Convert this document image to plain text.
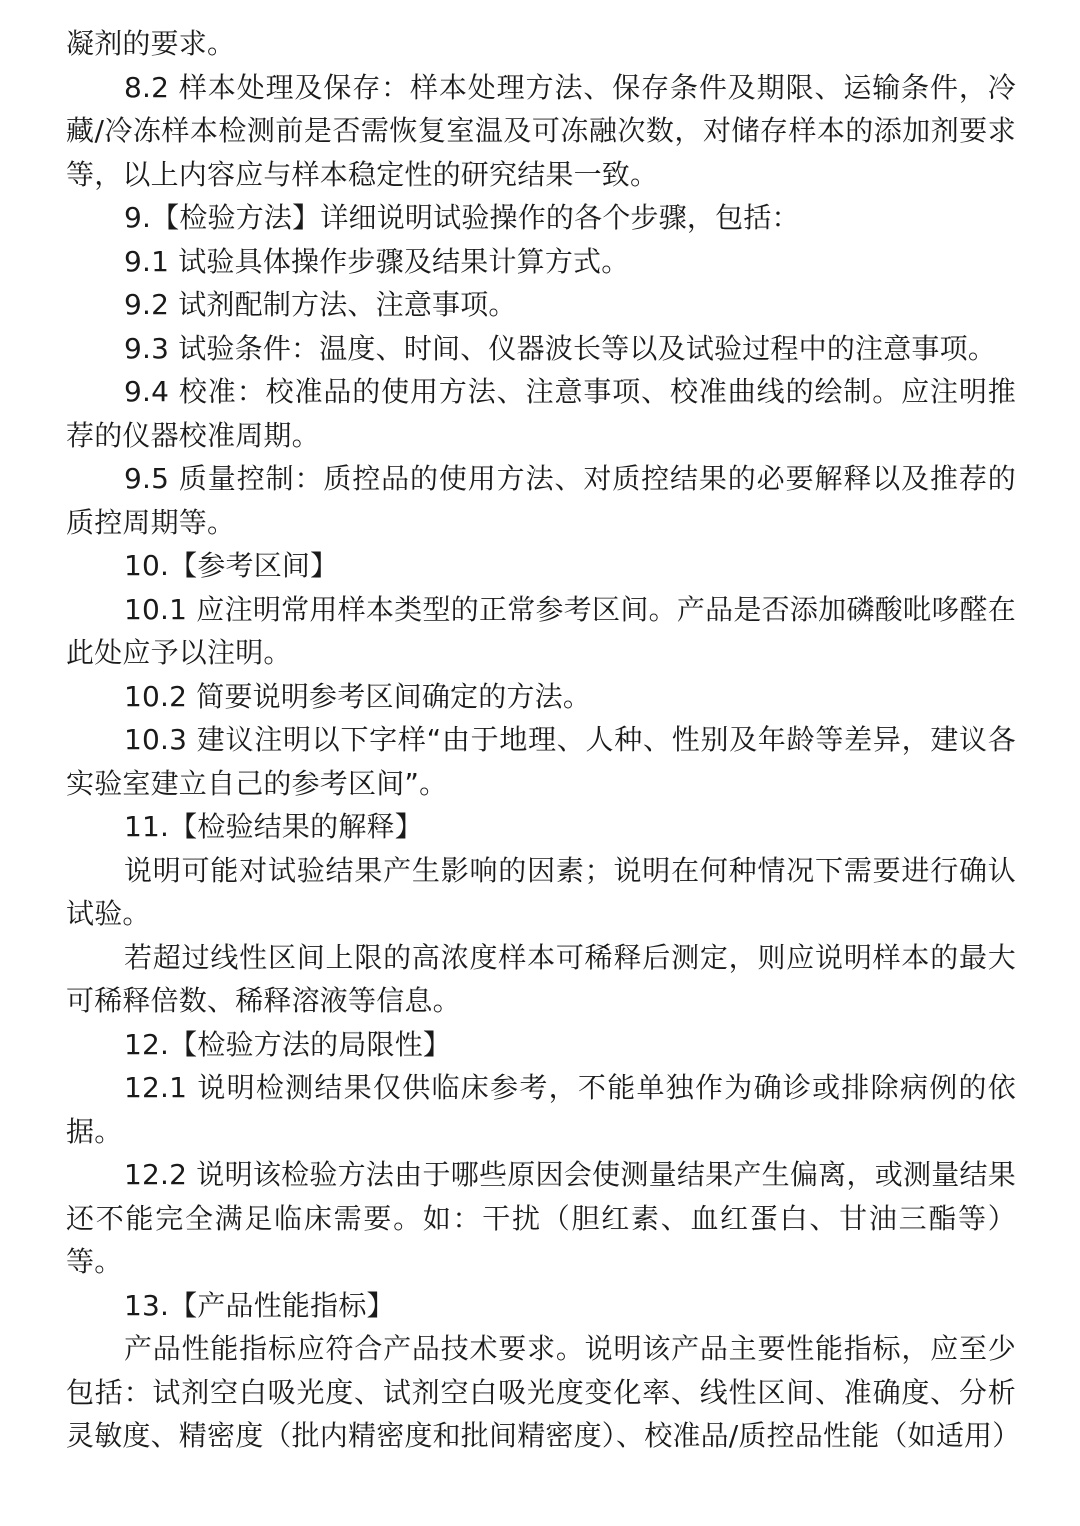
凝剂的要求。

8.2 样本处理及保存：样本处理方法、保存条件及期限、运输条件，冷藏/冷冻样本检测前是否需恢复室温及可冻融次数，对储存样本的添加剂要求等，以上内容应与样本稳定性的研究结果一致。

9.【检验方法】详细说明试验操作的各个步骤，包括：

9.1 试验具体操作步骤及结果计算方式。

9.2 试剂配制方法、注意事项。

9.3 试验条件：温度、时间、仪器波长等以及试验过程中的注意事项。

9.4 校准：校准品的使用方法、注意事项、校准曲线的绘制。应注明推荐的仪器校准周期。

9.5 质量控制：质控品的使用方法、对质控结果的必要解释以及推荐的质控周期等。

10.【参考区间】

10.1 应注明常用样本类型的正常参考区间。产品是否添加磷酸吡哆醛在此处应予以注明。

10.2 简要说明参考区间确定的方法。

10.3 建议注明以下字样“由于地理、人种、性别及年龄等差异，建议各实验室建立自己的参考区间”。

11.【检验结果的解释】

说明可能对试验结果产生影响的因素；说明在何种情况下需要进行确认试验。

若超过线性区间上限的高浓度样本可稀释后测定，则应说明样本的最大可稀释倍数、稀释溶液等信息。

12.【检验方法的局限性】

12.1 说明检测结果仅供临床参考，不能单独作为确诊或排除病例的依据。

12.2 说明该检验方法由于哪些原因会使测量结果产生偏离，或测量结果还不能完全满足临床需要。如：干扰（胆红素、血红蛋白、甘油三酯等）等。

13.【产品性能指标】

产品性能指标应符合产品技术要求。说明该产品主要性能指标，应至少包括：试剂空白吸光度、试剂空白吸光度变化率、线性区间、准确度、分析灵敏度、精密度（批内精密度和批间精密度）、校准品/质控品性能（如适用）
